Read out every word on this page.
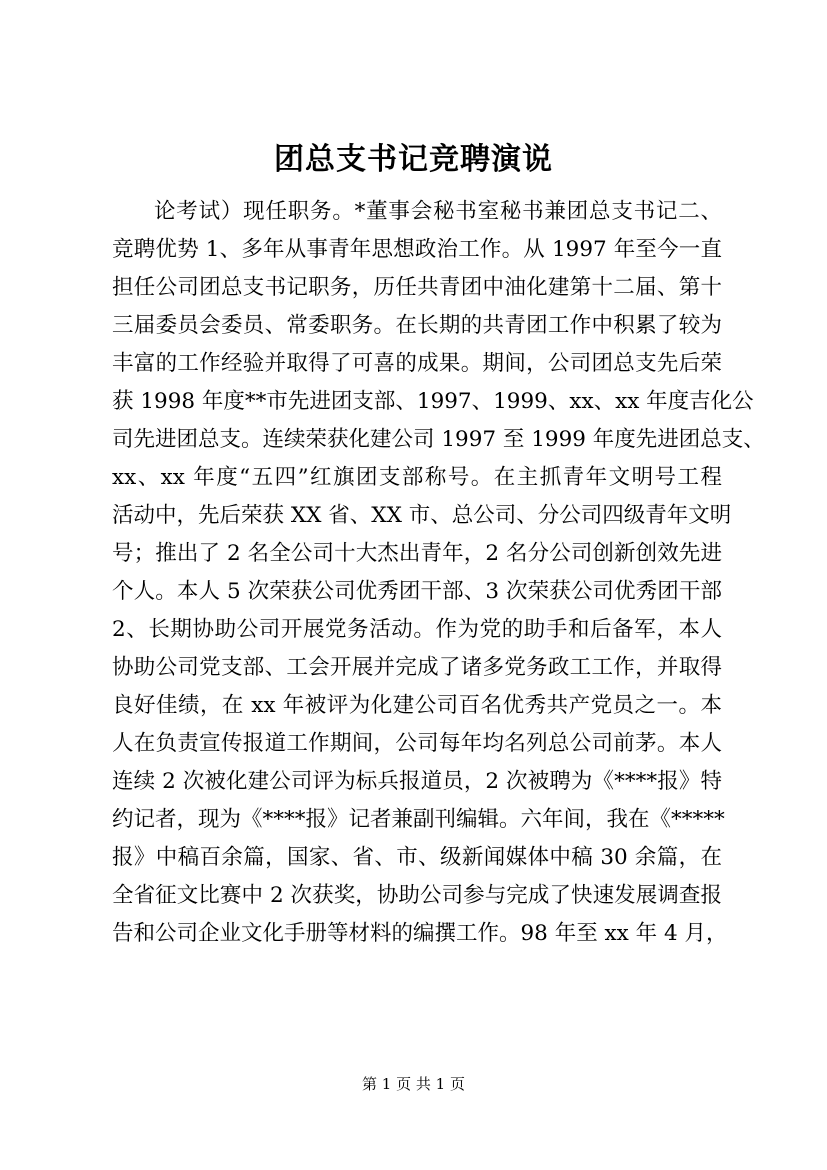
团总支书记竞聘演说
论考试）现任职务。*董事会秘书室秘书兼团总支书记二、
竞聘优势 1、多年从事青年思想政治工作。从 1997 年至今一直
担任公司团总支书记职务，历任共青团中油化建第十二届、第十
三届委员会委员、常委职务。在长期的共青团工作中积累了较为
丰富的工作经验并取得了可喜的成果。期间，公司团总支先后荣
获 1998 年度**市先进团支部、1997、1999、xx、xx 年度吉化公
司先进团总支。连续荣获化建公司 1997 至 1999 年度先进团总支、
xx、xx 年度“五四”红旗团支部称号。在主抓青年文明号工程
活动中，先后荣获 XX 省、XX 市、总公司、分公司四级青年文明
号；推出了 2 名全公司十大杰出青年，2 名分公司创新创效先进
个人。本人 5 次荣获公司优秀团干部、3 次荣获公司优秀团干部
2、长期协助公司开展党务活动。作为党的助手和后备军，本人
协助公司党支部、工会开展并完成了诸多党务政工工作，并取得
良好佳绩，在 xx 年被评为化建公司百名优秀共产党员之一。本
人在负责宣传报道工作期间，公司每年均名列总公司前茅。本人
连续 2 次被化建公司评为标兵报道员，2 次被聘为《****报》特
约记者，现为《****报》记者兼副刊编辑。六年间，我在《*****
报》中稿百余篇，国家、省、市、级新闻媒体中稿 30 余篇，在
全省征文比赛中 2 次获奖，协助公司参与完成了快速发展调查报
告和公司企业文化手册等材料的编撰工作。98 年至 xx 年 4 月，
第 1 页 共 1 页
